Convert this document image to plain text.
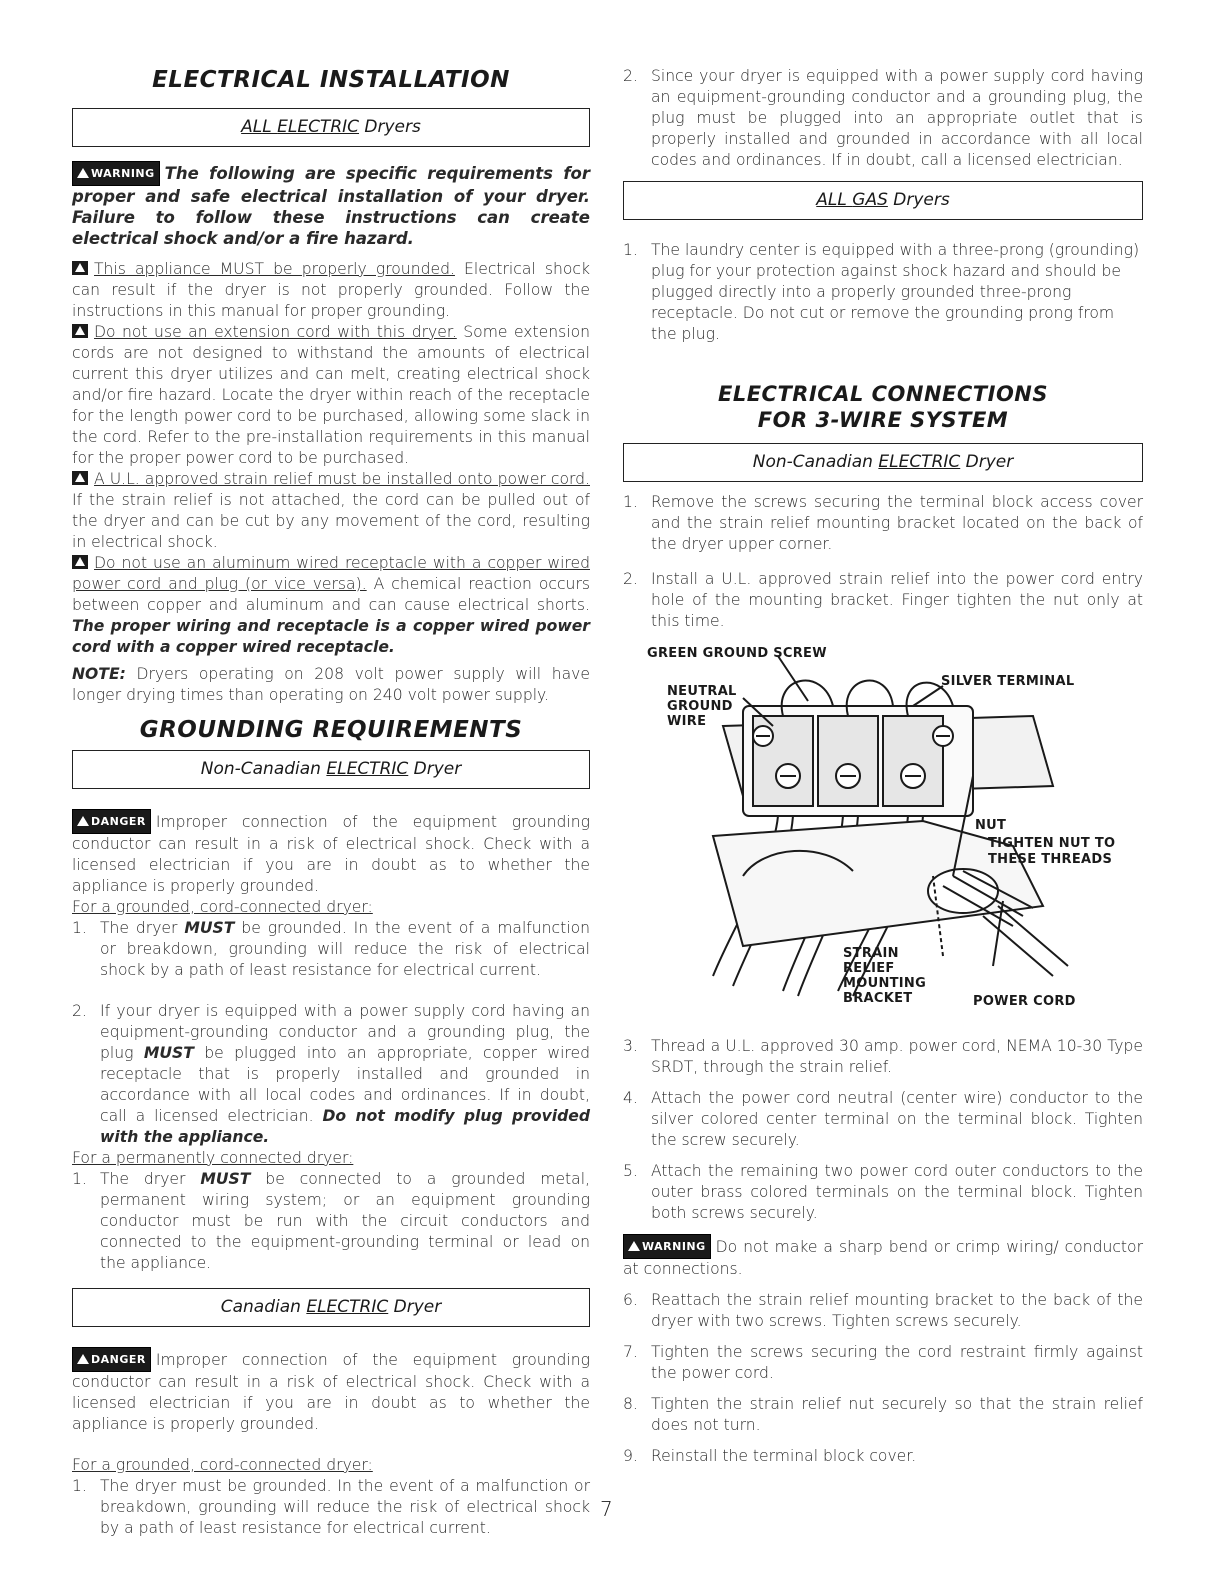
ELECTRICAL INSTALLATION
ALL ELECTRIC Dryers
WARNING The following are specific requirements for proper and safe electrical installation of your dryer. Failure to follow these instructions can create electrical shock and/or a fire hazard.
This appliance MUST be properly grounded. Electrical shock can result if the dryer is not properly grounded. Follow the instructions in this manual for proper grounding.
Do not use an extension cord with this dryer. Some extension cords are not designed to withstand the amounts of electrical current this dryer utilizes and can melt, creating electrical shock and/or fire hazard. Locate the dryer within reach of the receptacle for the length power cord to be purchased, allowing some slack in the cord. Refer to the pre-installation requirements in this manual for the proper power cord to be purchased.
A U.L. approved strain relief must be installed onto power cord. If the strain relief is not attached, the cord can be pulled out of the dryer and can be cut by any movement of the cord, resulting in electrical shock.
Do not use an aluminum wired receptacle with a copper wired power cord and plug (or vice versa). A chemical reaction occurs between copper and aluminum and can cause electrical shorts. The proper wiring and receptacle is a copper wired power cord with a copper wired receptacle.
NOTE: Dryers operating on 208 volt power supply will have longer drying times than operating on 240 volt power supply.
GROUNDING REQUIREMENTS
Non-Canadian ELECTRIC Dryer
DANGER Improper connection of the equipment grounding conductor can result in a risk of electrical shock. Check with a licensed electrician if you are in doubt as to whether the appliance is properly grounded.
For a grounded, cord-connected dryer:
1. The dryer MUST be grounded. In the event of a malfunction or breakdown, grounding will reduce the risk of electrical shock by a path of least resistance for electrical current.
2. If your dryer is equipped with a power supply cord having an equipment-grounding conductor and a grounding plug, the plug MUST be plugged into an appropriate, copper wired receptacle that is properly installed and grounded in accordance with all local codes and ordinances. If in doubt, call a licensed electrician. Do not modify plug provided with the appliance.
For a permanently connected dryer:
1. The dryer MUST be connected to a grounded metal, permanent wiring system; or an equipment grounding conductor must be run with the circuit conductors and connected to the equipment-grounding terminal or lead on the appliance.
Canadian ELECTRIC Dryer
DANGER Improper connection of the equipment grounding conductor can result in a risk of electrical shock. Check with a licensed electrician if you are in doubt as to whether the appliance is properly grounded.
For a grounded, cord-connected dryer:
1. The dryer must be grounded. In the event of a malfunction or breakdown, grounding will reduce the risk of electrical shock by a path of least resistance for electrical current.
2. Since your dryer is equipped with a power supply cord having an equipment-grounding conductor and a grounding plug, the plug must be plugged into an appropriate outlet that is properly installed and grounded in accordance with all local codes and ordinances. If in doubt, call a licensed electrician.
ALL GAS Dryers
1. The laundry center is equipped with a three-prong (grounding) plug for your protection against shock hazard and should be plugged directly into a properly grounded three-prong receptacle. Do not cut or remove the grounding prong from the plug.
ELECTRICAL CONNECTIONS
FOR 3-WIRE SYSTEM
Non-Canadian ELECTRIC Dryer
1. Remove the screws securing the terminal block access cover and the strain relief mounting bracket located on the back of the dryer upper corner.
2. Install a U.L. approved strain relief into the power cord entry hole of the mounting bracket. Finger tighten the nut only at this time.
GREEN GROUND SCREW
NEUTRAL
GROUND
WIRE
SILVER TERMINAL
NUT
TIGHTEN NUT TO
THESE THREADS
STRAIN
RELIEF
MOUNTING
BRACKET	POWER CORD
3. Thread a U.L. approved 30 amp. power cord, NEMA 10-30 Type SRDT, through the strain relief.
4. Attach the power cord neutral (center wire) conductor to the silver colored center terminal on the terminal block. Tighten the screw securely.
5. Attach the remaining two power cord outer conductors to the outer brass colored terminals on the terminal block. Tighten both screws securely.
WARNING Do not make a sharp bend or crimp wiring/ conductor at connections.
6. Reattach the strain relief mounting bracket to the back of the dryer with two screws. Tighten screws securely.
7. Tighten the screws securing the cord restraint firmly against the power cord.
8. Tighten the strain relief nut securely so that the strain relief does not turn.
9. Reinstall the terminal block cover.
7
